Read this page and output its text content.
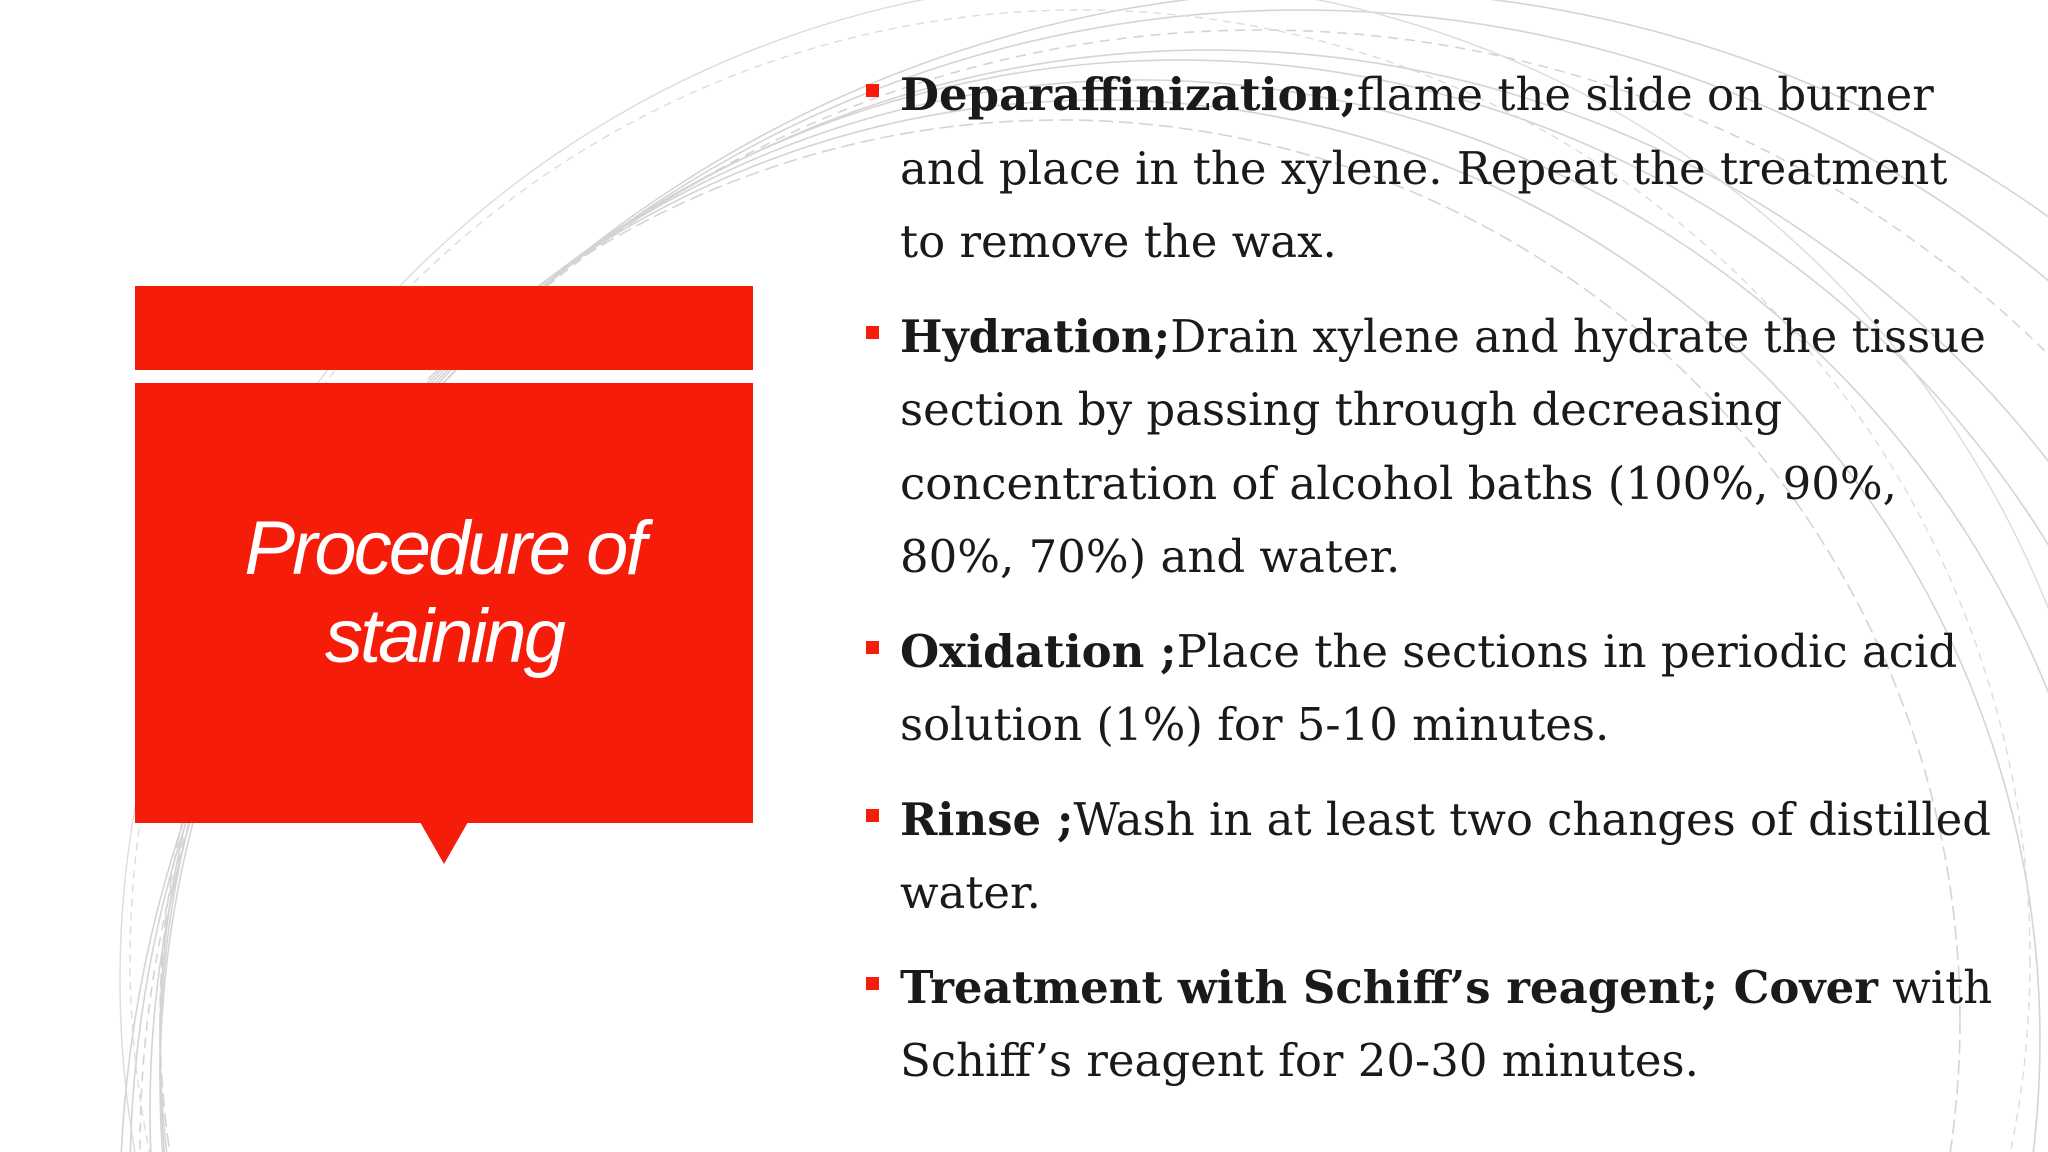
Procedure of
staining
Deparaffinization;flame the slide on burner and place in the xylene. Repeat the treatment to remove the wax.
Hydration;Drain xylene and hydrate the tissue section by passing through decreasing concentration of alcohol baths (100%, 90%, 80%, 70%) and water.
Oxidation ;Place the sections in periodic acid solution (1%) for 5-10 minutes.
Rinse ;Wash in at least two changes of distilled water.
Treatment with Schiff’s reagent; Cover with Schiff’s reagent for 20-30 minutes.
